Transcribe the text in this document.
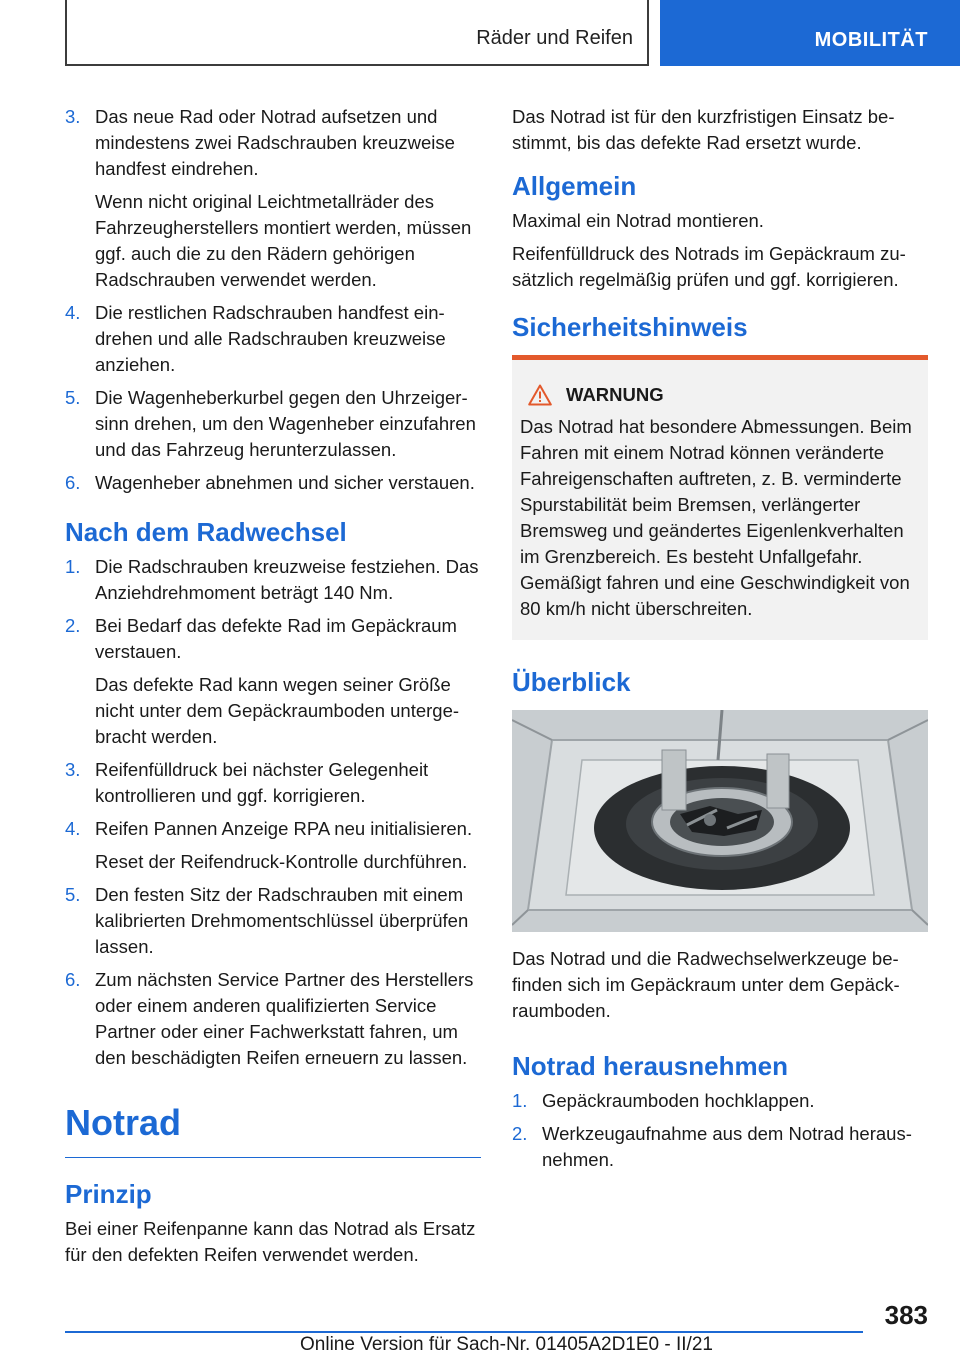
Räder und Reifen	MOBILITÄT
3. Das neue Rad oder Notrad aufsetzen und mindestens zwei Radschrauben kreuzweise handfest eindrehen.
Wenn nicht original Leichtmetallräder des Fahrzeugherstellers montiert werden, müssen ggf. auch die zu den Rädern gehörigen Radschrauben verwendet werden.
4. Die restlichen Radschrauben handfest eindrehen und alle Radschrauben kreuzweise anziehen.
5. Die Wagenheberkurbel gegen den Uhrzeigersinn drehen, um den Wagenheber einzufahren und das Fahrzeug herunterzulassen.
6. Wagenheber abnehmen und sicher verstauen.
Nach dem Radwechsel
1. Die Radschrauben kreuzweise festziehen. Das Anziehdrehmoment beträgt 140 Nm.
2. Bei Bedarf das defekte Rad im Gepäckraum verstauen.
Das defekte Rad kann wegen seiner Größe nicht unter dem Gepäckraumboden untergebracht werden.
3. Reifenfülldruck bei nächster Gelegenheit kontrollieren und ggf. korrigieren.
4. Reifen Pannen Anzeige RPA neu initialisieren.
Reset der Reifendruck-Kontrolle durchführen.
5. Den festen Sitz der Radschrauben mit einem kalibrierten Drehmomentschlüssel überprüfen lassen.
6. Zum nächsten Service Partner des Herstellers oder einem anderen qualifizierten Service Partner oder einer Fachwerkstatt fahren, um den beschädigten Reifen erneuern zu lassen.
Notrad
Prinzip
Bei einer Reifenpanne kann das Notrad als Ersatz für den defekten Reifen verwendet werden.
Das Notrad ist für den kurzfristigen Einsatz bestimmt, bis das defekte Rad ersetzt wurde.
Allgemein
Maximal ein Notrad montieren.
Reifenfülldruck des Notrads im Gepäckraum zusätzlich regelmäßig prüfen und ggf. korrigieren.
Sicherheitshinweis
WARNUNG
Das Notrad hat besondere Abmessungen. Beim Fahren mit einem Notrad können veränderte Fahreigenschaften auftreten, z. B. verminderte Spurstabilität beim Bremsen, verlängerter Bremsweg und geändertes Eigenlenkverhalten im Grenzbereich. Es besteht Unfallgefahr. Gemäßigt fahren und eine Geschwindigkeit von 80 km/h nicht überschreiten.
Überblick
Das Notrad und die Radwechselwerkzeuge befinden sich im Gepäckraum unter dem Gepäckraumboden.
Notrad herausnehmen
1. Gepäckraumboden hochklappen.
2. Werkzeugaufnahme aus dem Notrad herausnehmen.
383
Online Version für Sach-Nr. 01405A2D1E0 - II/21
